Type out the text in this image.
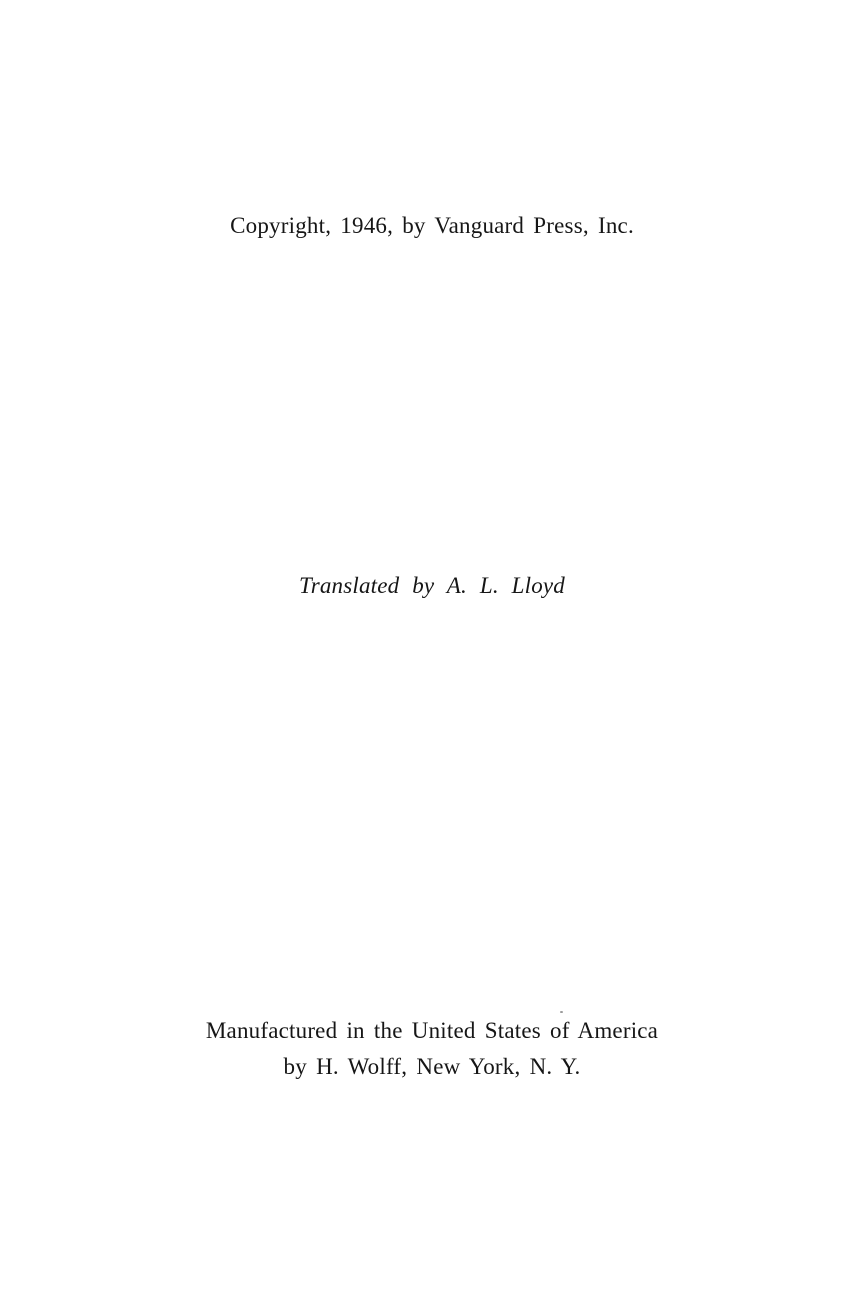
Copyright, 1946, by Vanguard Press, Inc.
Translated by A. L. Lloyd
Manufactured in the United States of America
by H. Wolff, New York, N. Y.
